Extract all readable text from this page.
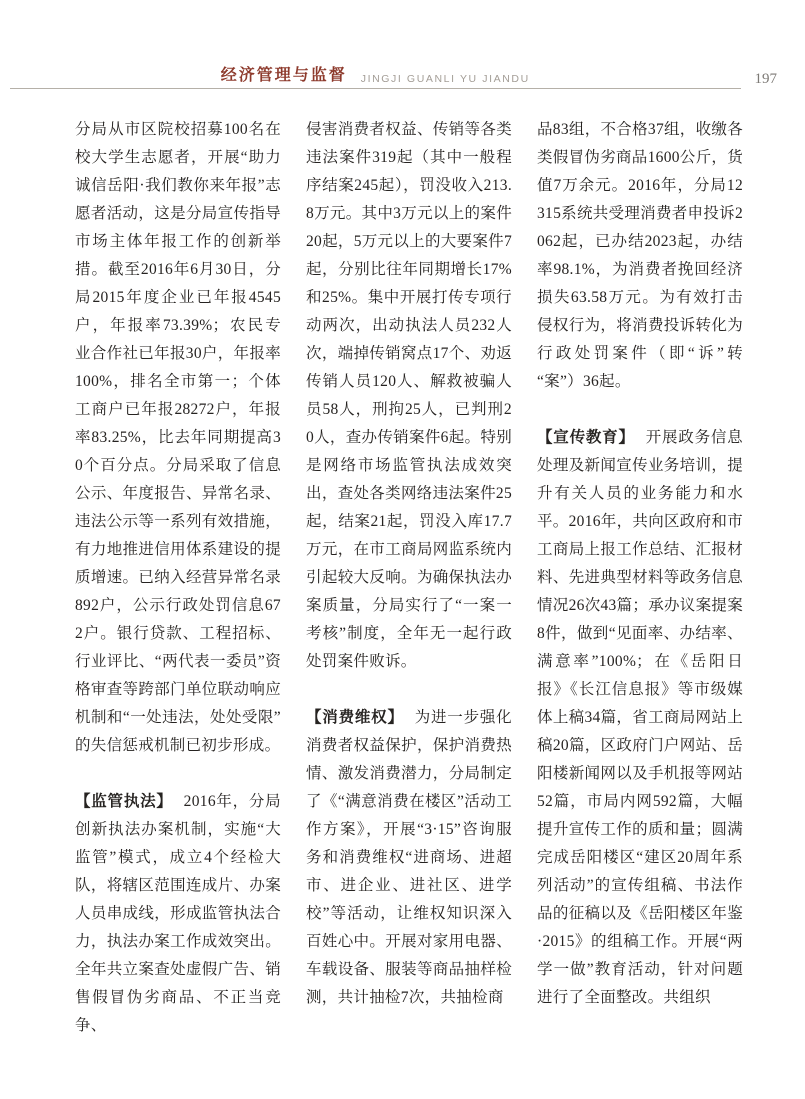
经济管理与监督 JINGJI GUANLI YU JIANDU	197

分局从市区院校招募100名在校大学生志愿者，开展“助力诚信岳阳·我们教你来年报”志愿者活动，这是分局宣传指导市场主体年报工作的创新举措。截至2016年6月30日，分局2015年度企业已年报4545户，年报率73.39%；农民专业合作社已年报30户，年报率100%，排名全市第一；个体工商户已年报28272户，年报率83.25%，比去年同期提高30个百分点。分局采取了信息公示、年度报告、异常名录、违法公示等一系列有效措施，有力地推进信用体系建设的提质增速。已纳入经营异常名录892户，公示行政处罚信息672户。银行贷款、工程招标、行业评比、“两代表一委员”资格审查等跨部门单位联动响应机制和“一处违法，处处受限”的失信惩戒机制已初步形成。

【监管执法】 2016年，分局创新执法办案机制，实施“大监管”模式，成立4个经检大队，将辖区范围连成片、办案人员串成线，形成监管执法合力，执法办案工作成效突出。全年共立案查处虚假广告、销售假冒伪劣商品、不正当竞争、

侵害消费者权益、传销等各类违法案件319起（其中一般程序结案245起），罚没收入213.8万元。其中3万元以上的案件20起，5万元以上的大要案件7起，分别比往年同期增长17%和25%。集中开展打传专项行动两次，出动执法人员232人次，端掉传销窝点17个、劝返传销人员120人、解救被骗人员58人，刑拘25人，已判刑20人，查办传销案件6起。特别是网络市场监管执法成效突出，查处各类网络违法案件25起，结案21起，罚没入库17.7万元，在市工商局网监系统内引起较大反响。为确保执法办案质量，分局实行了“一案一考核”制度，全年无一起行政处罚案件败诉。

【消费维权】 为进一步强化消费者权益保护，保护消费热情、激发消费潜力，分局制定了《“满意消费在楼区”活动工作方案》，开展“3·15”咨询服务和消费维权“进商场、进超市、进企业、进社区、进学校”等活动，让维权知识深入百姓心中。开展对家用电器、车载设备、服装等商品抽样检测，共计抽检7次，共抽检商

品83组，不合格37组，收缴各类假冒伪劣商品1600公斤，货值7万余元。2016年，分局12315系统共受理消费者申投诉2062起，已办结2023起，办结率98.1%，为消费者挽回经济损失63.58万元。为有效打击侵权行为，将消费投诉转化为行政处罚案件（即“诉”转“案”）36起。

【宣传教育】 开展政务信息处理及新闻宣传业务培训，提升有关人员的业务能力和水平。2016年，共向区政府和市工商局上报工作总结、汇报材料、先进典型材料等政务信息情况26次43篇；承办议案提案8件，做到“见面率、办结率、满意率”100%；在《岳阳日报》《长江信息报》等市级媒体上稿34篇，省工商局网站上稿20篇，区政府门户网站、岳阳楼新闻网以及手机报等网站52篇，市局内网592篇，大幅提升宣传工作的质和量；圆满完成岳阳楼区“建区20周年系列活动”的宣传组稿、书法作品的征稿以及《岳阳楼区年鉴·2015》的组稿工作。开展“两学一做”教育活动，针对问题进行了全面整改。共组织
